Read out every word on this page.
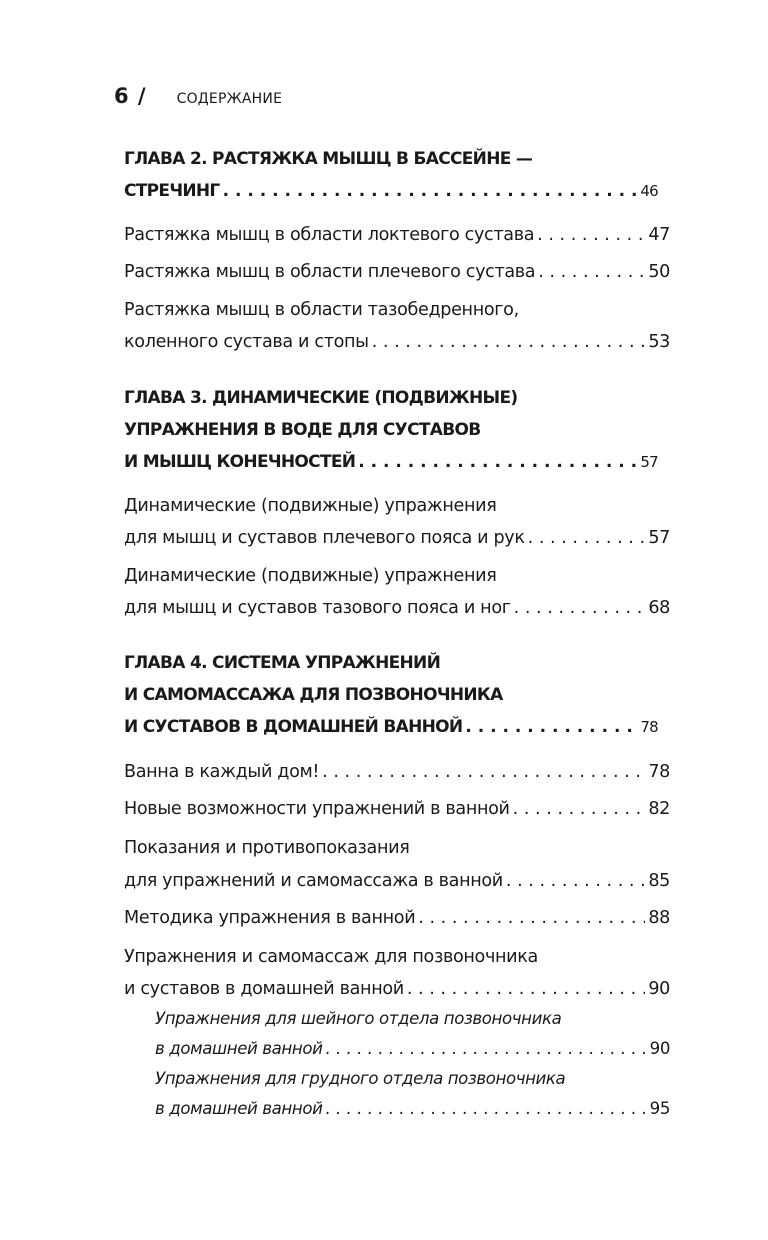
6 / СОДЕРЖАНИЕ
ГЛАВА 2. РАСТЯЖКА МЫШЦ В БАССЕЙНЕ —
СТРЕЧИНГ . . .	46
Растяжка мышц в области локтевого сустава . . .	47
Растяжка мышц в области плечевого сустава . . .	50
Растяжка мышц в области тазобедренного,
коленного сустава и стопы . . .	53
ГЛАВА 3. ДИНАМИЧЕСКИЕ (ПОДВИЖНЫЕ)
УПРАЖНЕНИЯ В ВОДЕ ДЛЯ СУСТАВОВ
И МЫШЦ КОНЕЧНОСТЕЙ . . .	57
Динамические (подвижные) упражнения
для мышц и суставов плечевого пояса и рук . . .	57
Динамические (подвижные) упражнения
для мышц и суставов тазового пояса и ног . . .	68
ГЛАВА 4. СИСТЕМА УПРАЖНЕНИЙ
И САМОМАССАЖА ДЛЯ ПОЗВОНОЧНИКА
И СУСТАВОВ В ДОМАШНЕЙ ВАННОЙ . . .	78
Ванна в каждый дом! . . .	78
Новые возможности упражнений в ванной . . .	82
Показания и противопоказания
для упражнений и самомассажа в ванной . . .	85
Методика упражнения в ванной . . .	88
Упражнения и самомассаж для позвоночника
и суставов в домашней ванной . . .	90
Упражнения для шейного отдела позвоночника
в домашней ванной . . .	90
Упражнения для грудного отдела позвоночника
в домашней ванной . . .	95
